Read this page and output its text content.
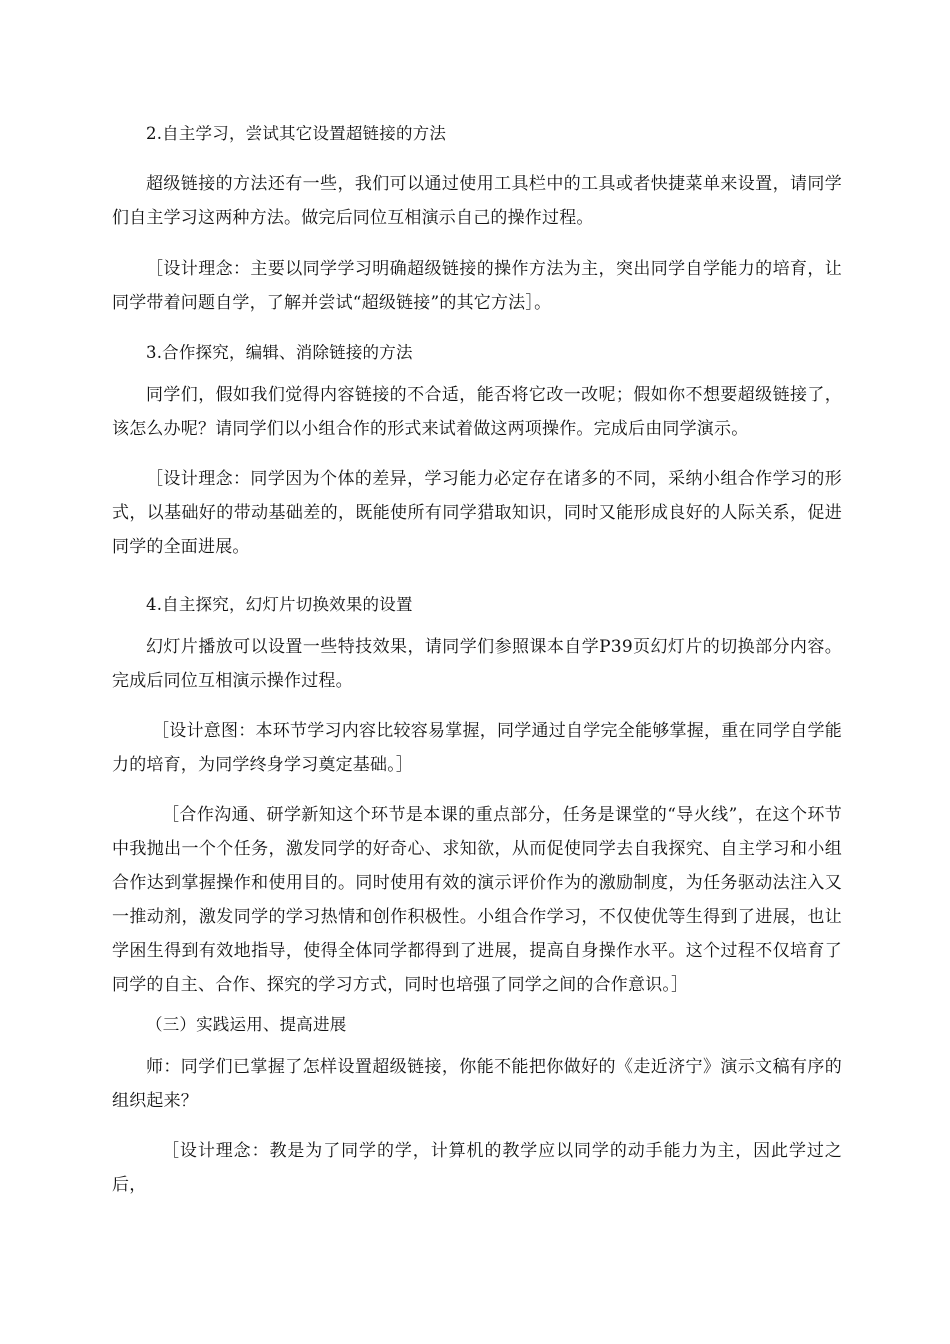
2.自主学习，尝试其它设置超链接的方法

超级链接的方法还有一些，我们可以通过使用工具栏中的工具或者快捷菜单来设置，请同学们自主学习这两种方法。做完后同位互相演示自己的操作过程。

［设计理念：主要以同学学习明确超级链接的操作方法为主，突出同学自学能力的培育，让同学带着问题自学，了解并尝试“超级链接”的其它方法］。

3.合作探究，编辑、消除链接的方法

同学们，假如我们觉得内容链接的不合适，能否将它改一改呢；假如你不想要超级链接了，该怎么办呢？请同学们以小组合作的形式来试着做这两项操作。完成后由同学演示。

［设计理念：同学因为个体的差异，学习能力必定存在诸多的不同，采纳小组合作学习的形式，以基础好的带动基础差的，既能使所有同学猎取知识，同时又能形成良好的人际关系，促进同学的全面进展。

4.自主探究，幻灯片切换效果的设置

幻灯片播放可以设置一些特技效果，请同学们参照课本自学P39页幻灯片的切换部分内容。完成后同位互相演示操作过程。

［设计意图：本环节学习内容比较容易掌握，同学通过自学完全能够掌握，重在同学自学能力的培育，为同学终身学习奠定基础。］

［合作沟通、研学新知这个环节是本课的重点部分，任务是课堂的“导火线”，在这个环节中我抛出一个个任务，激发同学的好奇心、求知欲，从而促使同学去自我探究、自主学习和小组合作达到掌握操作和使用目的。同时使用有效的演示评价作为的激励制度，为任务驱动法注入又一推动剂，激发同学的学习热情和创作积极性。小组合作学习，不仅使优等生得到了进展，也让学困生得到有效地指导，使得全体同学都得到了进展，提高自身操作水平。这个过程不仅培育了同学的自主、合作、探究的学习方式，同时也培强了同学之间的合作意识。］

（三）实践运用、提高进展

师：同学们已掌握了怎样设置超级链接，你能不能把你做好的《走近济宁》演示文稿有序的组织起来？

［设计理念：教是为了同学的学，计算机的教学应以同学的动手能力为主，因此学过之后，
